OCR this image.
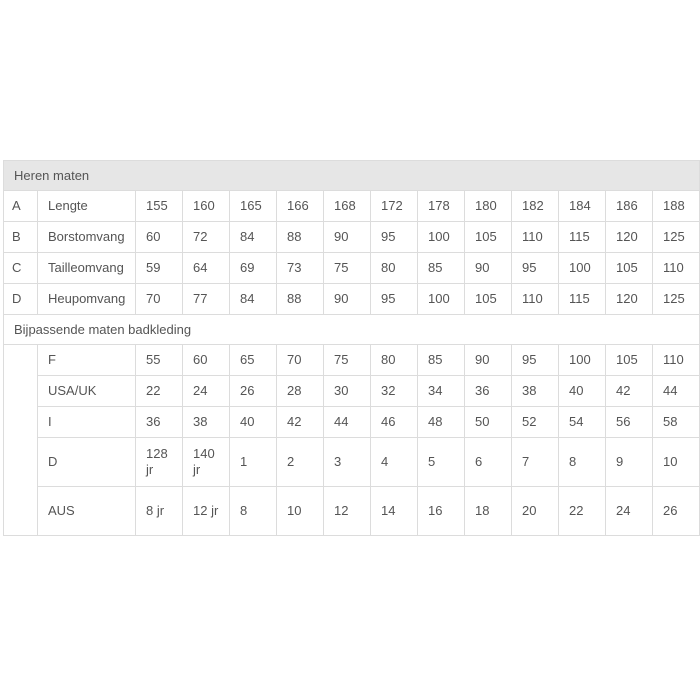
Heren maten													
A	Lengte	155	160	165	166	168	172	178	180	182	184	186	188
B	Borstomvang	60	72	84	88	90	95	100	105	110	115	120	125
C	Tailleomvang	59	64	69	73	75	80	85	90	95	100	105	110
D	Heupomvang	70	77	84	88	90	95	100	105	110	115	120	125
Bijpassende maten badkleding													
	F	55	60	65	70	75	80	85	90	95	100	105	110
	USA/UK	22	24	26	28	30	32	34	36	38	40	42	44
	I	36	38	40	42	44	46	48	50	52	54	56	58
	D	128 jr	140 jr	1	2	3	4	5	6	7	8	9	10
	AUS	8 jr	12 jr	8	10	12	14	16	18	20	22	24	26
